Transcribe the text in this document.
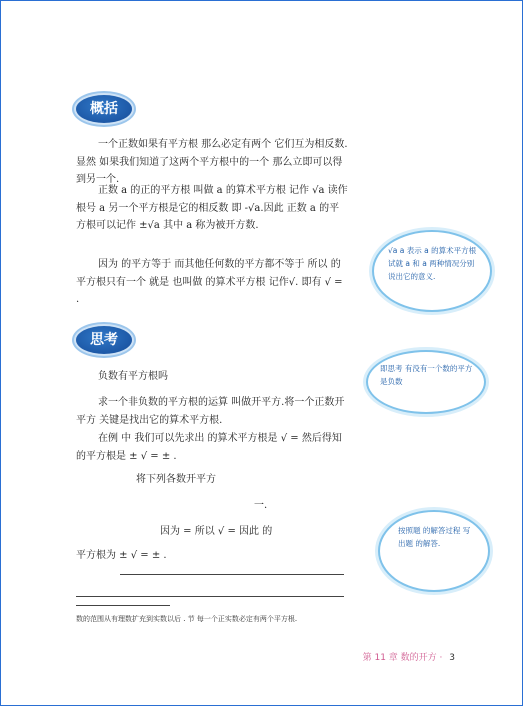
概括

一个正数如果有平方根 那么必定有两个 它们互为相反数.显然 如果我们知道了这两个平方根中的一个 那么立即可以得到另一个.

正数 a 的正的平方根 叫做 a 的算术平方根 记作 √a 读作 根号 a 另一个平方根是它的相反数 即 -√a.因此 正数 a 的平方根可以记作 ±√a 其中 a 称为被开方数.

因为 的平方等于 而其他任何数的平方都不等于 所以 的平方根只有一个 就是 也叫做 的算术平方根 记作√. 即有 √ = .

√a a 表示 a 的算术平方根 试就 a 和 a 两种情况分别说出它的意义.
思考

负数有平方根吗

即思考 有没有一个数的平方是负数

求一个非负数的平方根的运算 叫做开平方.将一个正数开平方 关键是找出它的算术平方根.

在例 中 我们可以先求出 的算术平方根是 √ = 然后得知 的平方根是 ± √ = ± .

将下列各数开平方

一.

因为 = 所以 √ = 因此 的

平方根为 ± √ = ± .

按照题 的解答过程 写出题 的解答.
数的范围从有理数扩充到实数以后 . 节 每一个正实数必定有两个平方根.
第 11 章 数的开方 · 3
